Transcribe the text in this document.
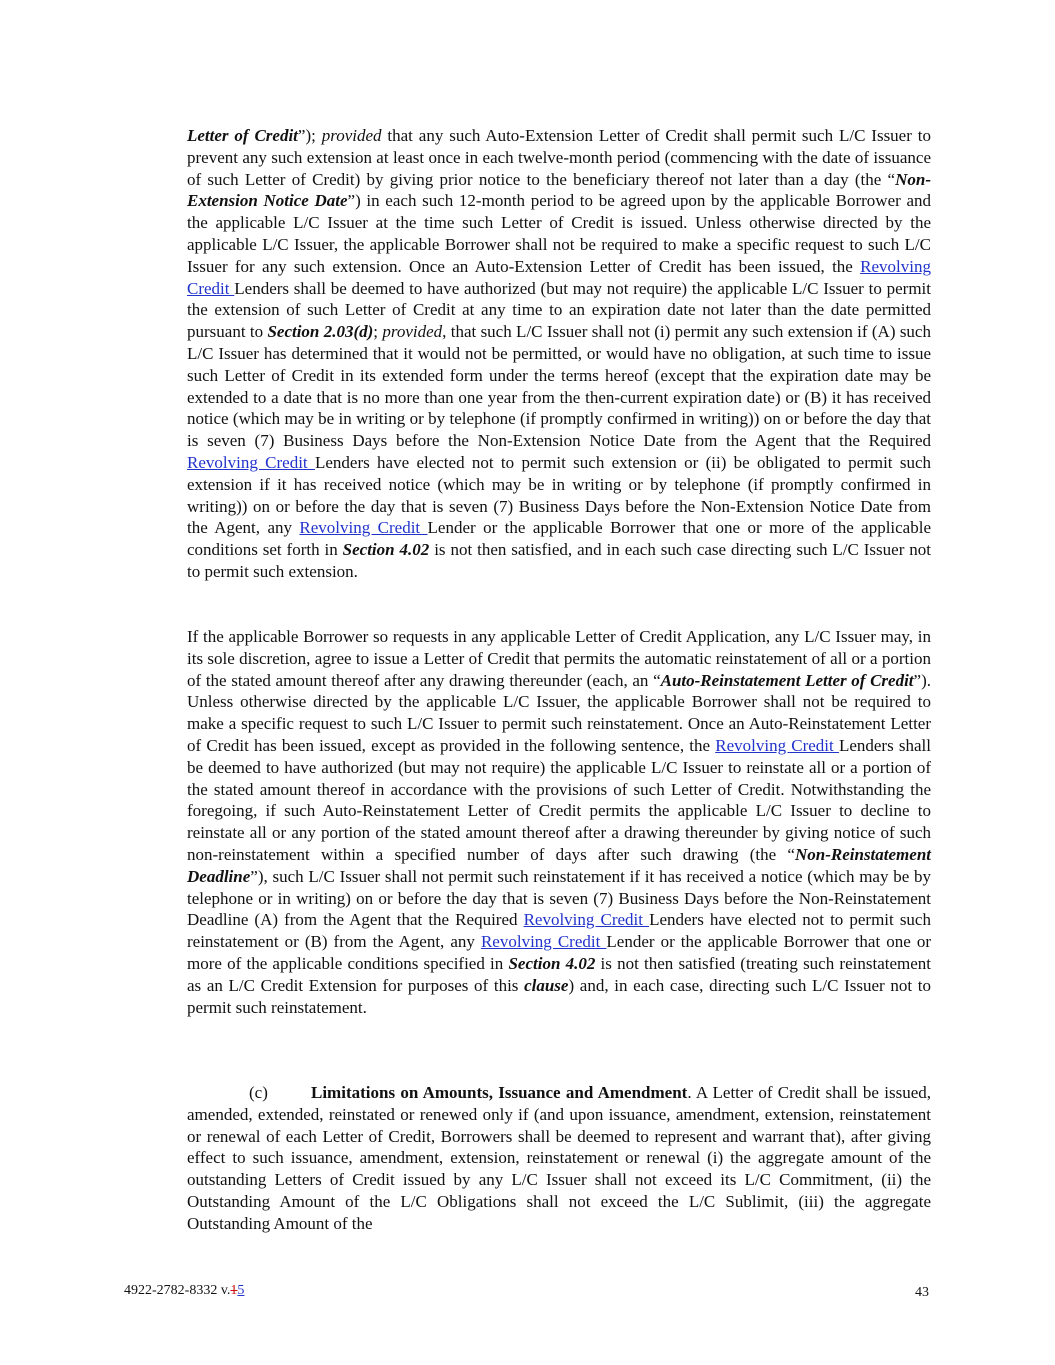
Letter of Credit”); provided that any such Auto-Extension Letter of Credit shall permit such L/C Issuer to prevent any such extension at least once in each twelve-month period (commencing with the date of issuance of such Letter of Credit) by giving prior notice to the beneficiary thereof not later than a day (the “Non-Extension Notice Date”) in each such 12-month period to be agreed upon by the applicable Borrower and the applicable L/C Issuer at the time such Letter of Credit is issued. Unless otherwise directed by the applicable L/C Issuer, the applicable Borrower shall not be required to make a specific request to such L/C Issuer for any such extension. Once an Auto-Extension Letter of Credit has been issued, the Revolving Credit Lenders shall be deemed to have authorized (but may not require) the applicable L/C Issuer to permit the extension of such Letter of Credit at any time to an expiration date not later than the date permitted pursuant to Section 2.03(d); provided, that such L/C Issuer shall not (i) permit any such extension if (A) such L/C Issuer has determined that it would not be permitted, or would have no obligation, at such time to issue such Letter of Credit in its extended form under the terms hereof (except that the expiration date may be extended to a date that is no more than one year from the then-current expiration date) or (B) it has received notice (which may be in writing or by telephone (if promptly confirmed in writing)) on or before the day that is seven (7) Business Days before the Non-Extension Notice Date from the Agent that the Required Revolving Credit Lenders have elected not to permit such extension or (ii) be obligated to permit such extension if it has received notice (which may be in writing or by telephone (if promptly confirmed in writing)) on or before the day that is seven (7) Business Days before the Non-Extension Notice Date from the Agent, any Revolving Credit Lender or the applicable Borrower that one or more of the applicable conditions set forth in Section 4.02 is not then satisfied, and in each such case directing such L/C Issuer not to permit such extension.
If the applicable Borrower so requests in any applicable Letter of Credit Application, any L/C Issuer may, in its sole discretion, agree to issue a Letter of Credit that permits the automatic reinstatement of all or a portion of the stated amount thereof after any drawing thereunder (each, an “Auto-Reinstatement Letter of Credit”). Unless otherwise directed by the applicable L/C Issuer, the applicable Borrower shall not be required to make a specific request to such L/C Issuer to permit such reinstatement. Once an Auto-Reinstatement Letter of Credit has been issued, except as provided in the following sentence, the Revolving Credit Lenders shall be deemed to have authorized (but may not require) the applicable L/C Issuer to reinstate all or a portion of the stated amount thereof in accordance with the provisions of such Letter of Credit. Notwithstanding the foregoing, if such Auto-Reinstatement Letter of Credit permits the applicable L/C Issuer to decline to reinstate all or any portion of the stated amount thereof after a drawing thereunder by giving notice of such non-reinstatement within a specified number of days after such drawing (the “Non-Reinstatement Deadline”), such L/C Issuer shall not permit such reinstatement if it has received a notice (which may be by telephone or in writing) on or before the day that is seven (7) Business Days before the Non-Reinstatement Deadline (A) from the Agent that the Required Revolving Credit Lenders have elected not to permit such reinstatement or (B) from the Agent, any Revolving Credit Lender or the applicable Borrower that one or more of the applicable conditions specified in Section 4.02 is not then satisfied (treating such reinstatement as an L/C Credit Extension for purposes of this clause) and, in each case, directing such L/C Issuer not to permit such reinstatement.
(c)	Limitations on Amounts, Issuance and Amendment. A Letter of Credit shall be issued, amended, extended, reinstated or renewed only if (and upon issuance, amendment, extension, reinstatement or renewal of each Letter of Credit, Borrowers shall be deemed to represent and warrant that), after giving effect to such issuance, amendment, extension, reinstatement or renewal (i) the aggregate amount of the outstanding Letters of Credit issued by any L/C Issuer shall not exceed its L/C Commitment, (ii) the Outstanding Amount of the L/C Obligations shall not exceed the L/C Sublimit, (iii) the aggregate Outstanding Amount of the
4922-2782-8332 v.15	43
